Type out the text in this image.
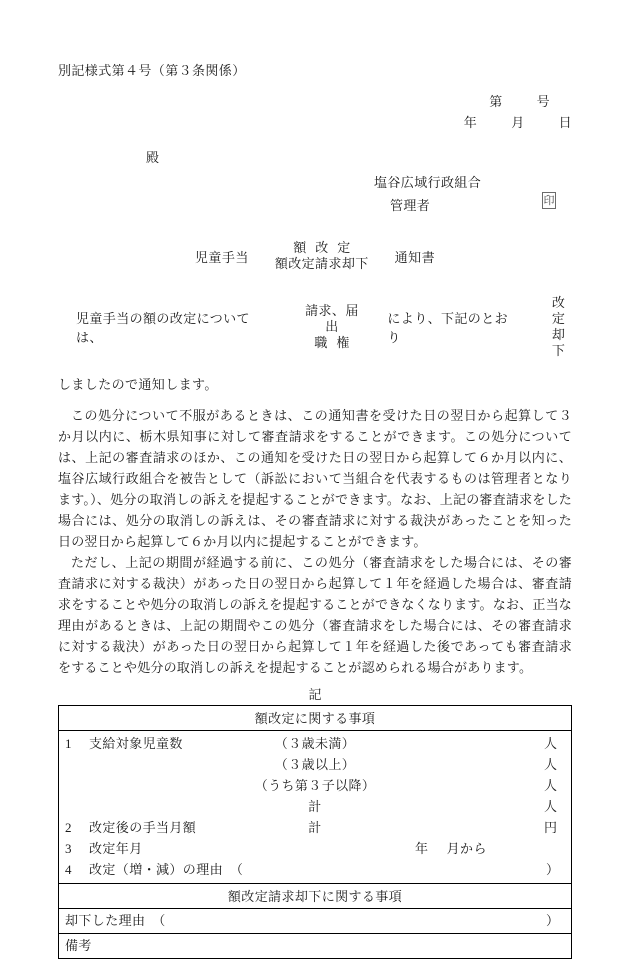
別記様式第４号（第３条関係）
第	号
年	月	日
殿
塩谷広域行政組合
管理者	印
児童手当
額改定
額改定請求却下 通知書
児童手当の額の改定については、
請求、届出
職権
により、下記のとおり
改定
却下
しましたので通知します。
この処分について不服があるときは、この通知書を受けた日の翌日から起算して３か月以内に、栃木県知事に対して審査請求をすることができます。この処分については、上記の審査請求のほか、この通知を受けた日の翌日から起算して６か月以内に、塩谷広域行政組合を被告として（訴訟において当組合を代表するものは管理者となります。）、処分の取消しの訴えを提起することができます。なお、上記の審査請求をした場合には、処分の取消しの訴えは、その審査請求に対する裁決があったことを知った日の翌日から起算して６か月以内に提起することができます。
ただし、上記の期間が経過する前に、この処分（審査請求をした場合には、その審査請求に対する裁決）があった日の翌日から起算して１年を経過した場合は、審査請求をすることや処分の取消しの訴えを提起することができなくなります。なお、正当な理由があるときは、上記の期間やこの処分（審査請求をした場合には、その審査請求に対する裁決）があった日の翌日から起算して１年を経過した後であっても審査請求をすることや処分の取消しの訴えを提起することが認められる場合があります。
記
額改定に関する事項

1 支給対象児童数	（３歳未満）	人
（３歳以上）	人
（うち第３子以降）	人
計	人
2 改定後の手当月額	計	円
3 改定年月	年 月から
4 改定（増・減）の理由　（	）

額改定請求却下に関する事項

却下した理由　（	）

備考
